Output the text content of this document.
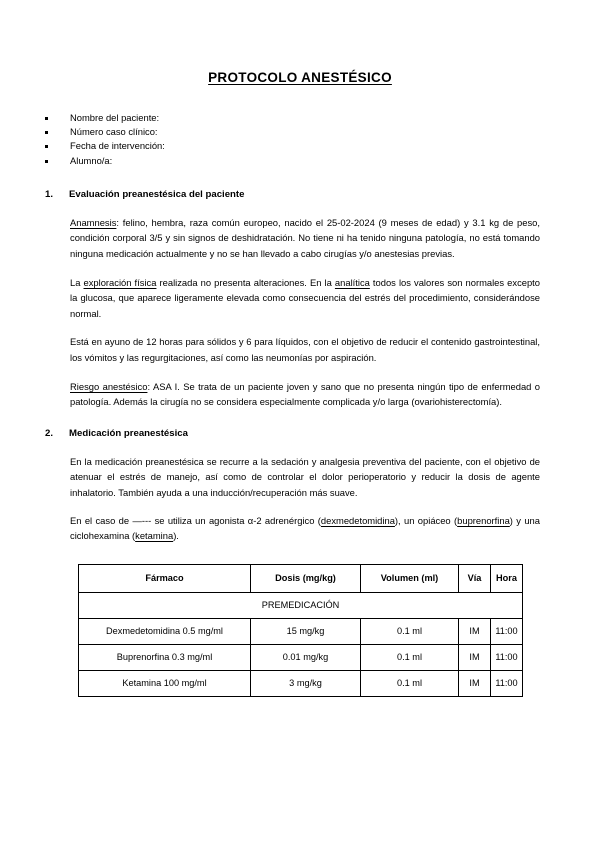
PROTOCOLO ANESTÉSICO
Nombre del paciente:
Número caso clínico:
Fecha de intervención:
Alumno/a:
1. Evaluación preanestésica del paciente

Anamnesis: felino, hembra, raza común europeo, nacido el 25-02-2024 (9 meses de edad) y 3.1 kg de peso, condición corporal 3/5 y sin signos de deshidratación. No tiene ni ha tenido ninguna patología, no está tomando ninguna medicación actualmente y no se han llevado a cabo cirugías y/o anestesias previas.

La exploración física realizada no presenta alteraciones. En la analítica todos los valores son normales excepto la glucosa, que aparece ligeramente elevada como consecuencia del estrés del procedimiento, considerándose normal.

Está en ayuno de 12 horas para sólidos y 6 para líquidos, con el objetivo de reducir el contenido gastrointestinal, los vómitos y las regurgitaciones, así como las neumonías por aspiración.

Riesgo anestésico: ASA I. Se trata de un paciente joven y sano que no presenta ningún tipo de enfermedad o patología. Además la cirugía no se considera especialmente complicada y/o larga (ovariohisterectomía).

2. Medicación preanestésica

En la medicación preanestésica se recurre a la sedación y analgesia preventiva del paciente, con el objetivo de atenuar el estrés de manejo, así como de controlar el dolor perioperatorio y reducir la dosis de agente inhalatorio. También ayuda a una inducción/recuperación más suave.

En el caso de —--- se utiliza un agonista α-2 adrenérgico (dexmedetomidina), un opiáceo (buprenorfina) y una ciclohexamina (ketamina).

Fármaco	Dosis (mg/kg)	Volumen (ml)	Vía	Hora
PREMEDICACIÓN				
Dexmedetomidina 0.5 mg/ml	15 mg/kg	0.1 ml	IM	11:00
Buprenorfina 0.3 mg/ml	0.01 mg/kg	0.1 ml	IM	11:00
Ketamina 100 mg/ml	3 mg/kg	0.1 ml	IM	11:00
